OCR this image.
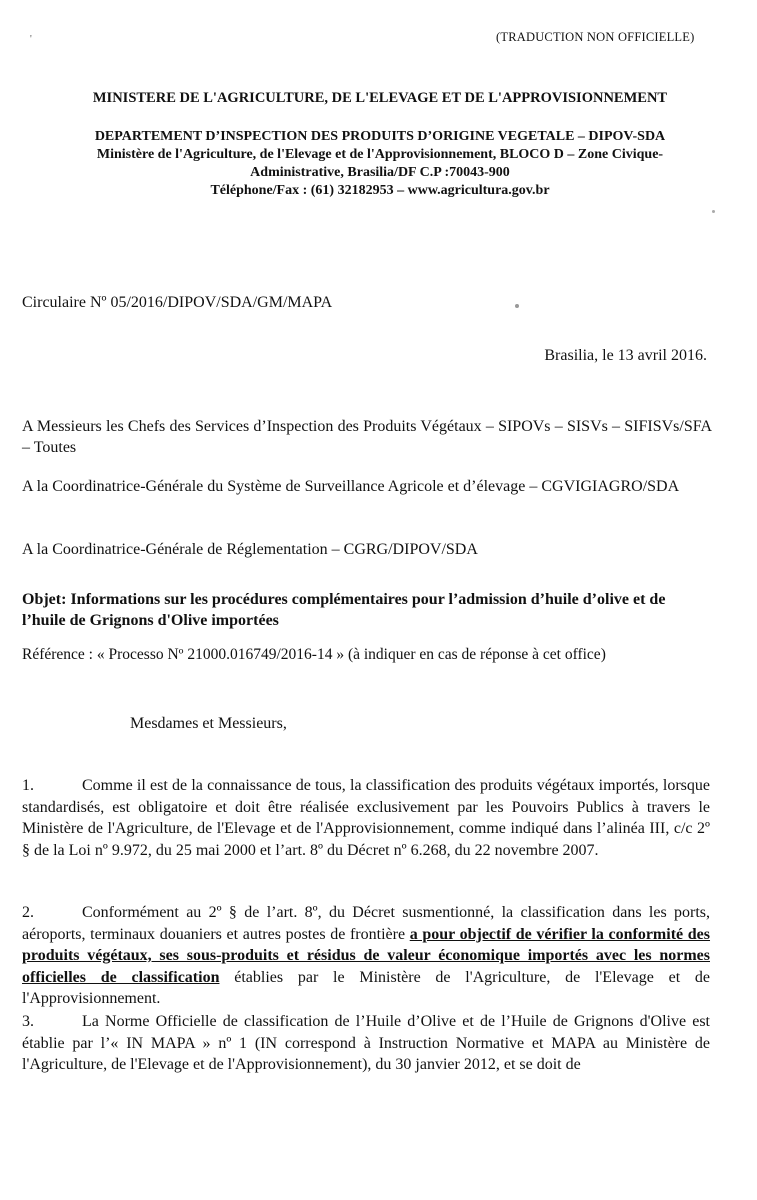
'	(TRADUCTION NON OFFICIELLE)
MINISTERE DE L'AGRICULTURE, DE L'ELEVAGE ET DE L'APPROVISIONNEMENT
DEPARTEMENT D’INSPECTION DES PRODUITS D’ORIGINE VEGETALE – DIPOV-SDA
Ministère de l'Agriculture, de l'Elevage et de l'Approvisionnement, BLOCO D – Zone Civique-
Administrative, Brasilia/DF C.P :70043-900
Téléphone/Fax : (61) 32182953 – www.agricultura.gov.br
Circulaire Nº 05/2016/DIPOV/SDA/GM/MAPA
Brasilia, le 13 avril 2016.
A Messieurs les Chefs des Services d’Inspection des Produits Végétaux – SIPOVs – SISVs – SIFISVs/SFA – Toutes
A la Coordinatrice-Générale du Système de Surveillance Agricole et d’élevage – CGVIGIAGRO/SDA
A la Coordinatrice-Générale de Réglementation – CGRG/DIPOV/SDA
Objet: Informations sur les procédures complémentaires pour l’admission d’huile d’olive et de l’huile de Grignons d'Olive importées
Référence : « Processo Nº 21000.016749/2016-14 » (à indiquer en cas de réponse à cet office)
Mesdames et Messieurs,
1.	Comme il est de la connaissance de tous, la classification des produits végétaux importés, lorsque standardisés, est obligatoire et doit être réalisée exclusivement par les Pouvoirs Publics à travers le Ministère de l'Agriculture, de l'Elevage et de l'Approvisionnement, comme indiqué dans l’alinéa III, c/c 2º § de la Loi nº 9.972, du 25 mai 2000 et l’art. 8º du Décret nº 6.268, du 22 novembre 2007.
2.	Conformément au 2º § de l’art. 8º, du Décret susmentionné, la classification dans les ports, aéroports, terminaux douaniers et autres postes de frontière a pour objectif de vérifier la conformité des produits végétaux, ses sous-produits et résidus de valeur économique importés avec les normes officielles de classification établies par le Ministère de l'Agriculture, de l'Elevage et de l'Approvisionnement.
3.	La Norme Officielle de classification de l’Huile d’Olive et de l’Huile de Grignons d'Olive est établie par l’« IN MAPA » nº 1 (IN correspond à Instruction Normative et MAPA au Ministère de l'Agriculture, de l'Elevage et de l'Approvisionnement), du 30 janvier 2012, et se doit de
